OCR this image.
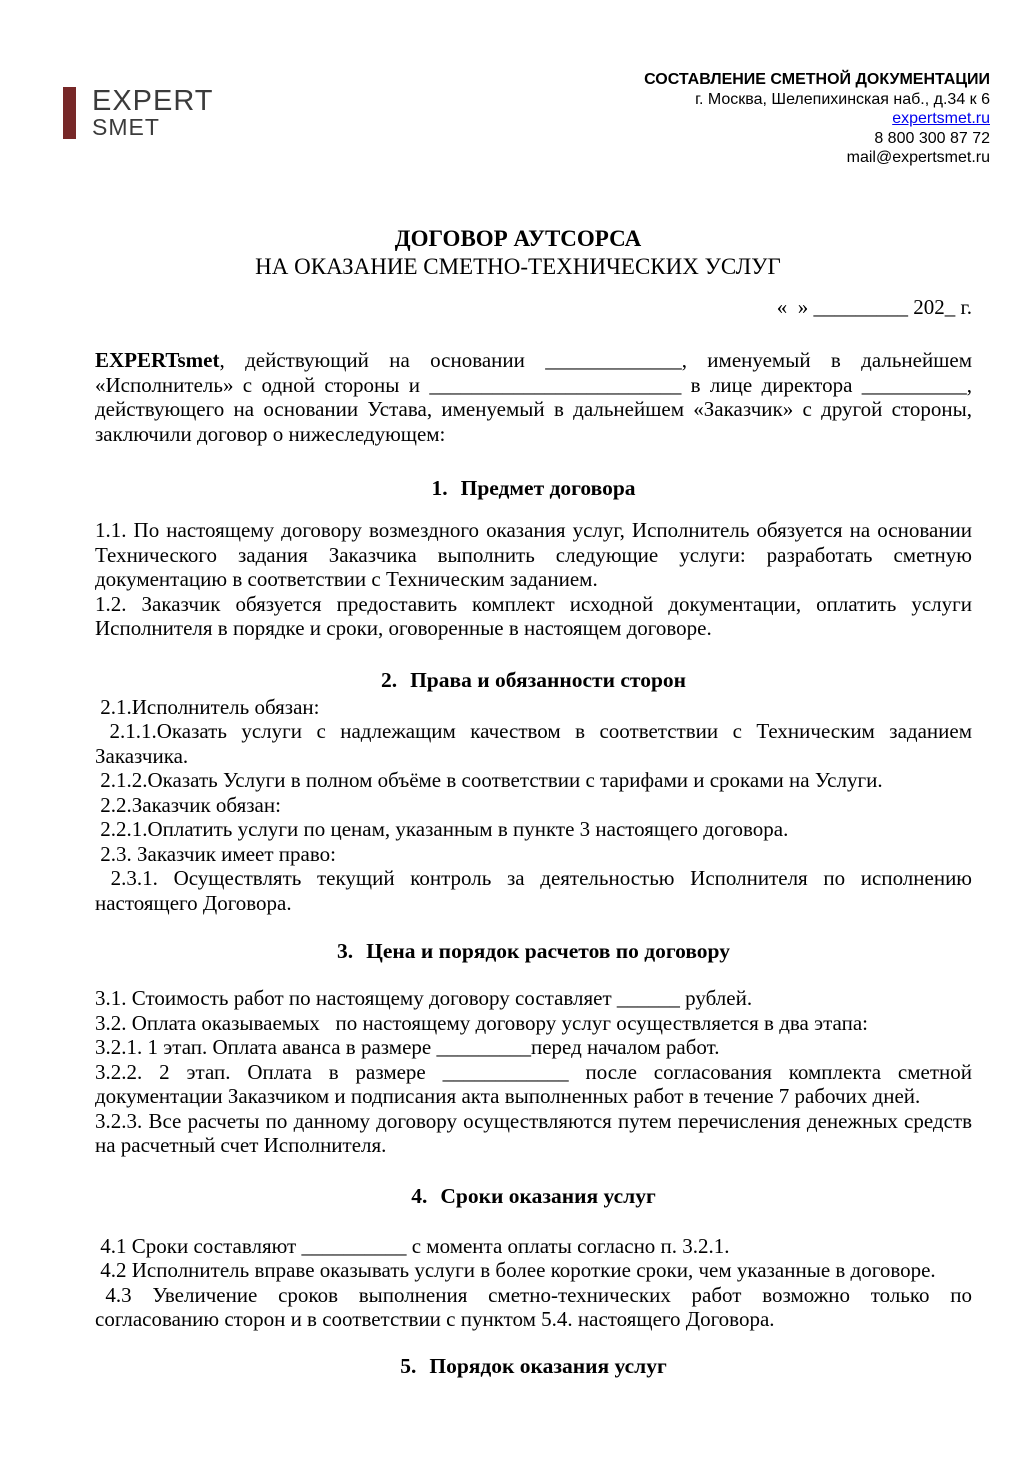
EXPERT
SMET
СОСТАВЛЕНИЕ СМЕТНОЙ ДОКУМЕНТАЦИИ
г. Москва, Шелепихинская наб., д.34 к 6
expertsmet.ru
8 800 300 87 72
mail@expertsmet.ru
ДОГОВОР АУТСОРСА
НА ОКАЗАНИЕ СМЕТНО-ТЕХНИЧЕСКИХ УСЛУГ
«  » _________ 202_ г.

EXPERTsmet, действующий на основании _____________, именуемый в дальнейшем «Исполнитель» с одной стороны и ________________________ в лице директора __________, действующего на основании Устава, именуемый в дальнейшем «Заказчик» с другой стороны, заключили договор о нижеследующем:

1. Предмет договора

1.1. По настоящему договору возмездного оказания услуг, Исполнитель обязуется на основании Технического задания Заказчика выполнить следующие услуги: разработать сметную документацию в соответствии с Техническим заданием.

1.2. Заказчик обязуется предоставить комплект исходной документации, оплатить услуги Исполнителя в порядке и сроки, оговоренные в настоящем договоре.

2. Права и обязанности сторон

2.1.Исполнитель обязан:

2.1.1.Оказать услуги с надлежащим качеством в соответствии с Техническим заданием Заказчика.

2.1.2.Оказать Услуги в полном объёме в соответствии с тарифами и сроками на Услуги.

2.2.Заказчик обязан:

2.2.1.Оплатить услуги по ценам, указанным в пункте 3 настоящего договора.

2.3. Заказчик имеет право:

2.3.1. Осуществлять текущий контроль за деятельностью Исполнителя по исполнению настоящего Договора.

3. Цена и порядок расчетов по договору

3.1. Стоимость работ по настоящему договору составляет ______ рублей.

3.2. Оплата оказываемых   по настоящему договору услуг осуществляется в два этапа:

3.2.1. 1 этап. Оплата аванса в размере _________перед началом работ.

3.2.2. 2 этап. Оплата в размере ____________ после согласования комплекта сметной документации Заказчиком и подписания акта выполненных работ в течение 7 рабочих дней.

3.2.3. Все расчеты по данному договору осуществляются путем перечисления денежных средств на расчетный счет Исполнителя.

4. Сроки оказания услуг

4.1 Сроки составляют __________ с момента оплаты согласно п. 3.2.1.

4.2 Исполнитель вправе оказывать услуги в более короткие сроки, чем указанные в договоре.

4.3  Увеличение  сроков  выполнения  сметно-технических  работ  возможно  только  по согласованию сторон и в соответствии с пунктом 5.4. настоящего Договора.

5. Порядок оказания услуг
